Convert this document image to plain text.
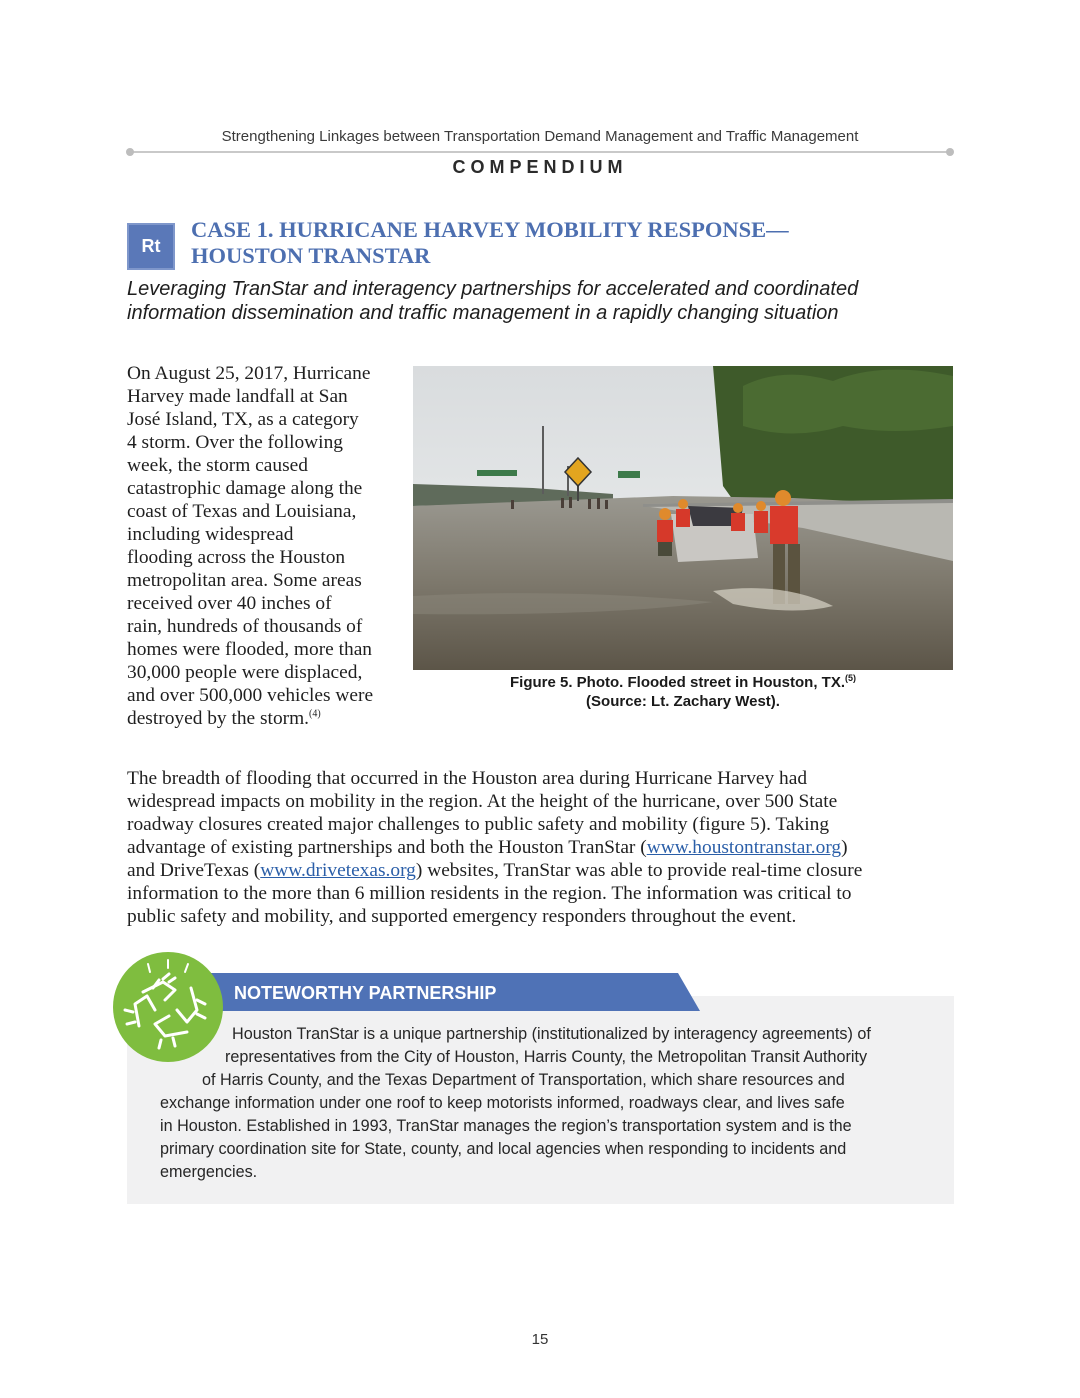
Strengthening Linkages between Transportation Demand Management and Traffic Management
COMPENDIUM
Rt
CASE 1. HURRICANE HARVEY MOBILITY RESPONSE—
HOUSTON TRANSTAR
Leveraging TranStar and interagency partnerships for accelerated and coordinated
information dissemination and traffic management in a rapidly changing situation
On August 25, 2017, Hurricane
Harvey made landfall at San
José Island, TX, as a category
4 storm. Over the following
week, the storm caused
catastrophic damage along the
coast of Texas and Louisiana,
including widespread
flooding across the Houston
metropolitan area. Some areas
received over 40 inches of
rain, hundreds of thousands of
homes were flooded, more than
30,000 people were displaced,
and over 500,000 vehicles were
destroyed by the storm.$^{(4)}$
Figure 5. Photo. Flooded street in Houston, TX.$^{(5)}$
(Source: Lt. Zachary West).
The breadth of flooding that occurred in the Houston area during Hurricane Harvey had
widespread impacts on mobility in the region. At the height of the hurricane, over 500 State
roadway closures created major challenges to public safety and mobility (figure 5). Taking
advantage of existing partnerships and both the Houston TranStar (www.houstontranstar.org)
and DriveTexas (www.drivetexas.org) websites, TranStar was able to provide real-time closure
information to the more than 6 million residents in the region. The information was critical to
public safety and mobility, and supported emergency responders throughout the event.
NOTEWORTHY PARTNERSHIP
Houston TranStar is a unique partnership (institutionalized by interagency agreements) of
representatives from the City of Houston, Harris County, the Metropolitan Transit Authority
of Harris County, and the Texas Department of Transportation, which share resources and
exchange information under one roof to keep motorists informed, roadways clear, and lives safe
in Houston. Established in 1993, TranStar manages the region’s transportation system and is the
primary coordination site for State, county, and local agencies when responding to incidents and
emergencies.
15
